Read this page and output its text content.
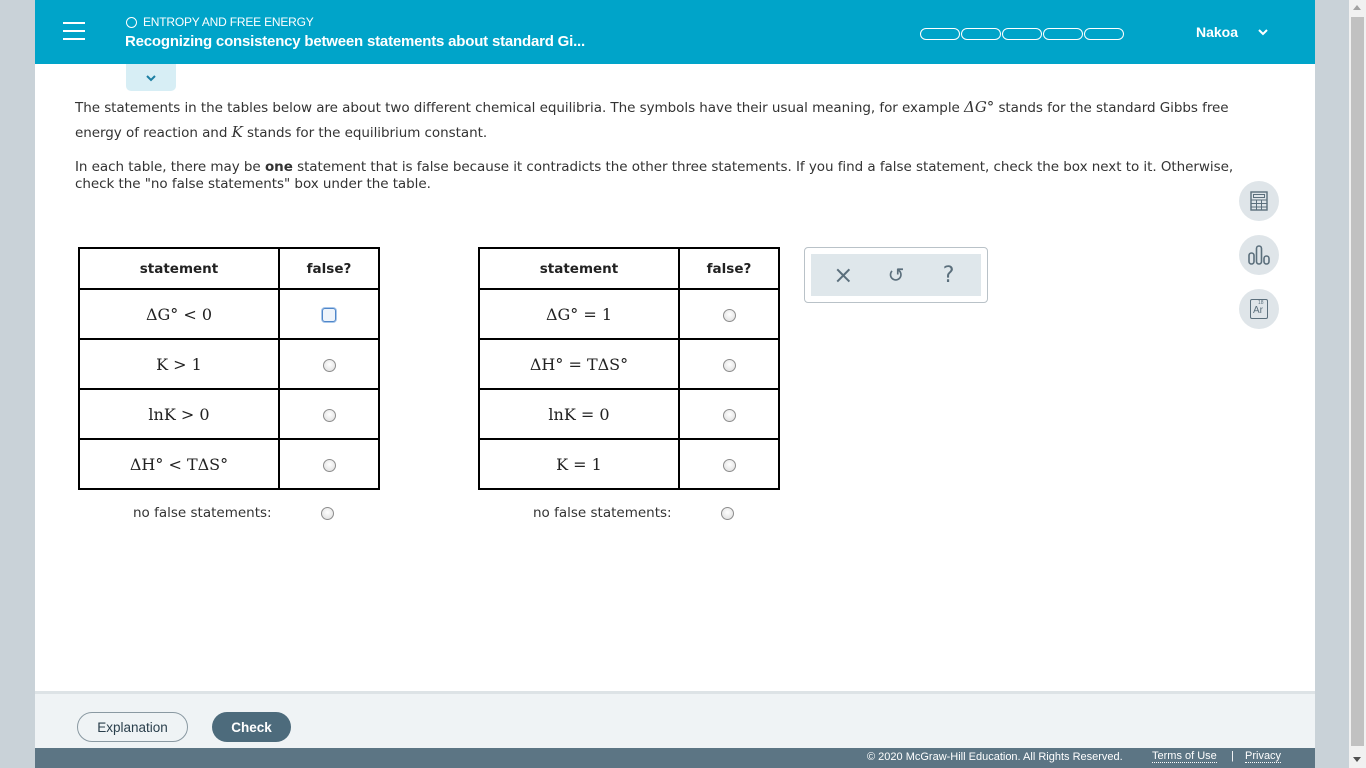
ENTROPY AND FREE ENERGY
Recognizing consistency between statements about standard Gi...
Nakoa
The statements in the tables below are about two different chemical equilibria. The symbols have their usual meaning, for example ΔG° stands for the standard Gibbs free energy of reaction and K stands for the equilibrium constant.
In each table, there may be one statement that is false because it contradicts the other three statements. If you find a false statement, check the box next to it. Otherwise, check the "no false statements" box under the table.
statement	false?
ΔG° < 0	
K > 1	
lnK > 0	
ΔH° < TΔS°	
no false statements:
statement	false?
ΔG° = 1	
ΔH° = TΔS°	
lnK = 0	
K = 1	
no false statements:
× ↺ ?
18
Ar
Explanation	Check
© 2020 McGraw-Hill Education. All Rights Reserved.	Terms of Use | Privacy
